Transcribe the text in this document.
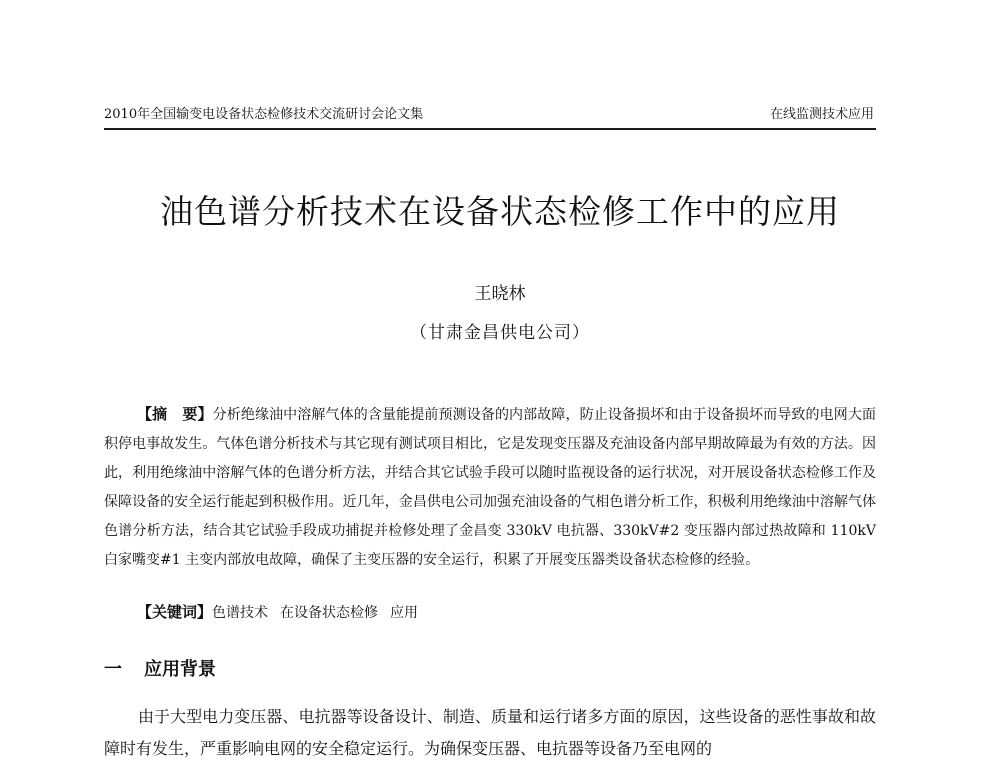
2010年全国输变电设备状态检修技术交流研讨会论文集	在线监测技术应用
油色谱分析技术在设备状态检修工作中的应用
王晓林
（甘肃金昌供电公司）
【摘　要】分析绝缘油中溶解气体的含量能提前预测设备的内部故障，防止设备损坏和由于设备损坏而导致的电网大面积停电事故发生。气体色谱分析技术与其它现有测试项目相比，它是发现变压器及充油设备内部早期故障最为有效的方法。因此，利用绝缘油中溶解气体的色谱分析方法，并结合其它试验手段可以随时监视设备的运行状况，对开展设备状态检修工作及保障设备的安全运行能起到积极作用。近几年，金昌供电公司加强充油设备的气相色谱分析工作，积极利用绝缘油中溶解气体色谱分析方法，结合其它试验手段成功捕捉并检修处理了金昌变 330kV 电抗器、330kV#2 变压器内部过热故障和 110kV 白家嘴变#1 主变内部放电故障，确保了主变压器的安全运行，积累了开展变压器类设备状态检修的经验。
【关键词】色谱技术 在设备状态检修 应用
一 应用背景
由于大型电力变压器、电抗器等设备设计、制造、质量和运行诸多方面的原因，这些设备的恶性事故和故障时有发生，严重影响电网的安全稳定运行。为确保变压器、电抗器等设备乃至电网的
